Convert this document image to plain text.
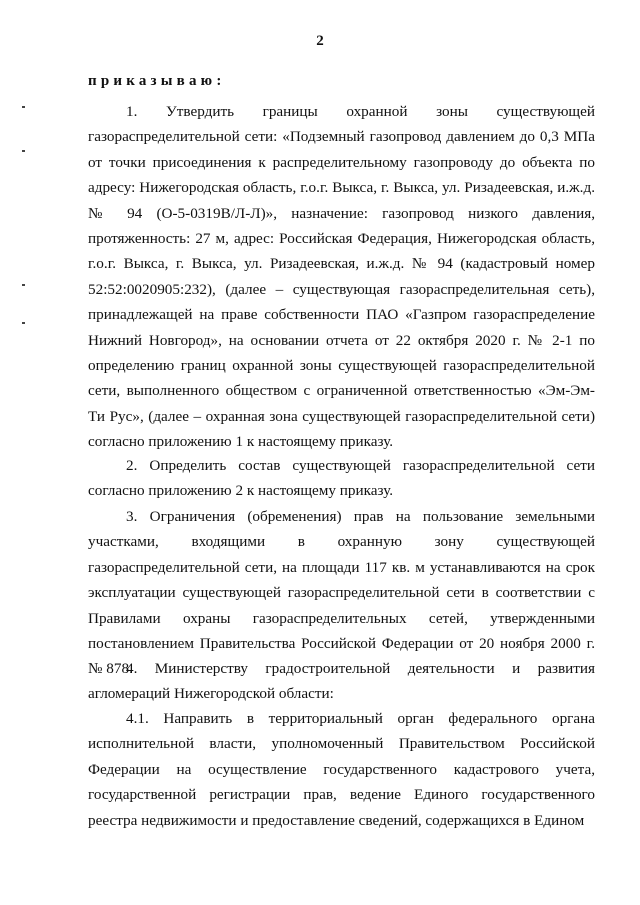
2
приказываю:

1. Утвердить границы охранной зоны существующей газораспределительной сети: «Подземный газопровод давлением до 0,3 МПа от точки присоединения к распределительному газопроводу до объекта по адресу: Нижегородская область, г.о.г. Выкса, г. Выкса, ул. Ризадеевская, и.ж.д. № 94 (О-5-0319В/Л-Л)», назначение: газопровод низкого давления, протяженность: 27 м, адрес: Российская Федерация, Нижегородская область, г.о.г. Выкса, г. Выкса, ул. Ризадеевская, и.ж.д. № 94 (кадастровый номер 52:52:0020905:232), (далее – существующая газораспределительная сеть), принадлежащей на праве собственности ПАО «Газпром газораспределение Нижний Новгород», на основании отчета от 22 октября 2020 г. № 2-1 по определению границ охранной зоны существующей газораспределительной сети, выполненного обществом с ограниченной ответственностью «Эм-Эм-Ти Рус», (далее – охранная зона существующей газораспределительной сети) согласно приложению 1 к настоящему приказу.

2. Определить состав существующей газораспределительной сети согласно приложению 2 к настоящему приказу.

3. Ограничения (обременения) прав на пользование земельными участками, входящими в охранную зону существующей газораспределительной сети, на площади 117 кв. м устанавливаются на срок эксплуатации существующей газораспределительной сети в соответствии с Правилами охраны газораспределительных сетей, утвержденными постановлением Правительства Российской Федерации от 20 ноября 2000 г. № 878.

4. Министерству градостроительной деятельности и развития агломераций Нижегородской области:

4.1. Направить в территориальный орган федерального органа исполнительной власти, уполномоченный Правительством Российской Федерации на осуществление государственного кадастрового учета, государственной регистрации прав, ведение Единого государственного реестра недвижимости и предоставление сведений, содержащихся в Едином
